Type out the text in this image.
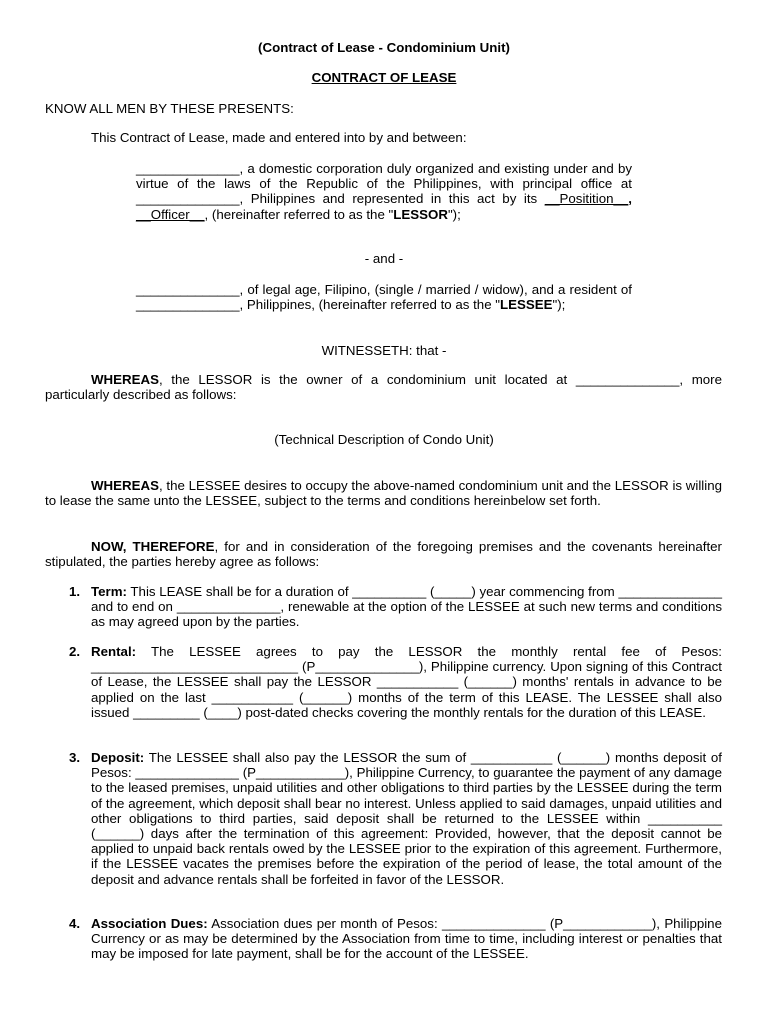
(Contract of Lease - Condominium Unit)
CONTRACT OF LEASE
KNOW ALL MEN BY THESE PRESENTS:
This Contract of Lease, made and entered into by and between:
______________, a domestic corporation duly organized and existing under and by virtue of the laws of the Republic of the Philippines, with principal office at ______________, Philippines and represented in this act by its __Posititi‌on__, __Officer__, (hereinafter referred to as the "LESSOR");
- and -
______________, of legal age, Filipino, (single / married / widow), and a resident of ______________, Philippines, (hereinafter referred to as the "LESSEE");
WITNESSETH: that -
WHEREAS, the LESSOR is the owner of a condominium unit located at ______________, more particularly described as follows:
(Technical Description of Condo Unit)
WHEREAS, the LESSEE desires to occupy the above-named condominium unit and the LESSOR is willing to lease the same unto the LESSEE, subject to the terms and conditions hereinbelow set forth.
NOW, THEREFORE, for and in consideration of the foregoing premises and the covenants hereinafter stipulated, the parties hereby agree as follows:
1. Term: This LEASE shall be for a duration of __________ (_____) year commencing from ______________ and to end on ______________, renewable at the option of the LESSEE at such new terms and conditions as may agreed upon by the parties.
2. Rental: The LESSEE agrees to pay the LESSOR the monthly rental fee of Pesos: ____________________________ (P______________), Philippine currency. Upon signing of this Contract of Lease, the LESSEE shall pay the LESSOR ___________ (______) months' rentals in advance to be applied on the last ___________ (______) months of the term of this LEASE. The LESSEE shall also issued _________ (____) post-dated checks covering the monthly rentals for the duration of this LEASE.
3. Deposit: The LESSEE shall also pay the LESSOR the sum of ___________ (______) months deposit of Pesos: ______________ (P____________), Philippine Currency, to guarantee the payment of any damage to the leased premises, unpaid utilities and other obligations to third parties by the LESSEE during the term of the agreement, which deposit shall bear no interest. Unless applied to said damages, unpaid utilities and other obligations to third parties, said deposit shall be returned to the LESSEE within __________ (______) days after the termination of this agreement: Provided, however, that the deposit cannot be applied to unpaid back rentals owed by the LESSEE prior to the expiration of this agreement. Furthermore, if the LESSEE vacates the premises before the expiration of the period of lease, the total amount of the deposit and advance rentals shall be forfeited in favor of the LESSOR.
4. Association Dues: Association dues per month of Pesos: ______________ (P____________), Philippine Currency or as may be determined by the Association from time to time, including interest or penalties that may be imposed for late payment, shall be for the account of the LESSEE.
